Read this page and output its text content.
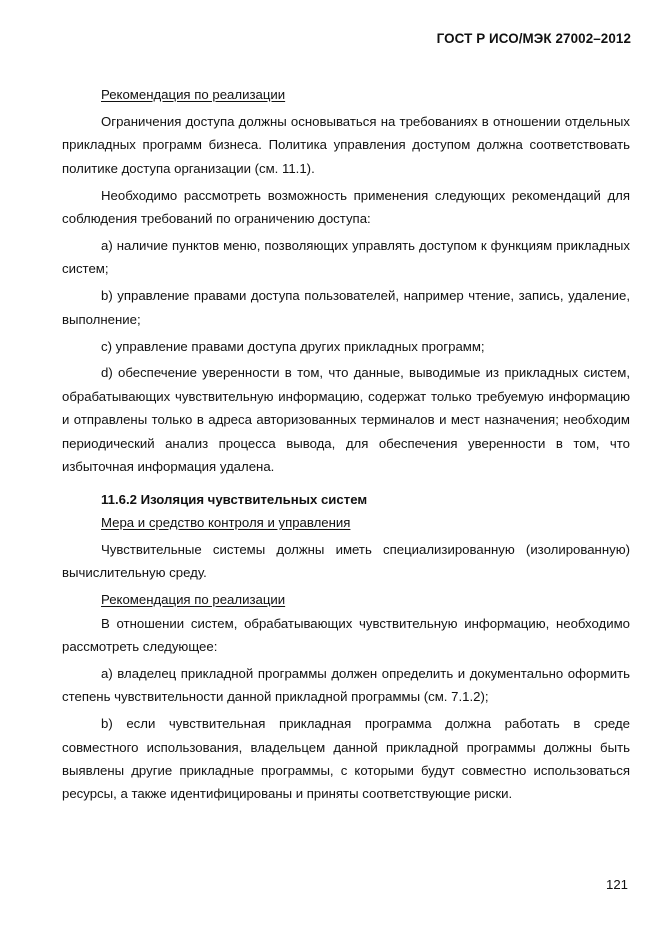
ГОСТ Р ИСО/МЭК 27002–2012

Рекомендация по реализации

Ограничения доступа должны основываться на требованиях в отношении отдельных прикладных программ бизнеса. Политика управления доступом должна соответствовать политике доступа организации (см. 11.1).

Необходимо рассмотреть возможность применения следующих рекомендаций для соблюдения требований по ограничению доступа:

a) наличие пунктов меню, позволяющих управлять доступом к функциям прикладных систем;

b) управление правами доступа пользователей, например чтение, запись, удаление, выполнение;

c) управление правами доступа других прикладных программ;

d) обеспечение уверенности в том, что данные, выводимые из прикладных систем, обрабатывающих чувствительную информацию, содержат только требуемую информацию и отправлены только в адреса авторизованных терминалов и мест назначения; необходим периодический анализ процесса вывода, для обеспечения уверенности в том, что избыточная информация удалена.

11.6.2 Изоляция чувствительных систем

Мера и средство контроля и управления

Чувствительные системы должны иметь специализированную (изолированную) вычислительную среду.

Рекомендация по реализации

В отношении систем, обрабатывающих чувствительную информацию, необходимо рассмотреть следующее:

a) владелец прикладной программы должен определить и документально оформить степень чувствительности данной прикладной программы (см. 7.1.2);

b) если чувствительная прикладная программа должна работать в среде совместного использования, владельцем данной прикладной программы должны быть выявлены другие прикладные программы, с которыми будут совместно использоваться ресурсы, а также идентифицированы и приняты соответствующие риски.

121
